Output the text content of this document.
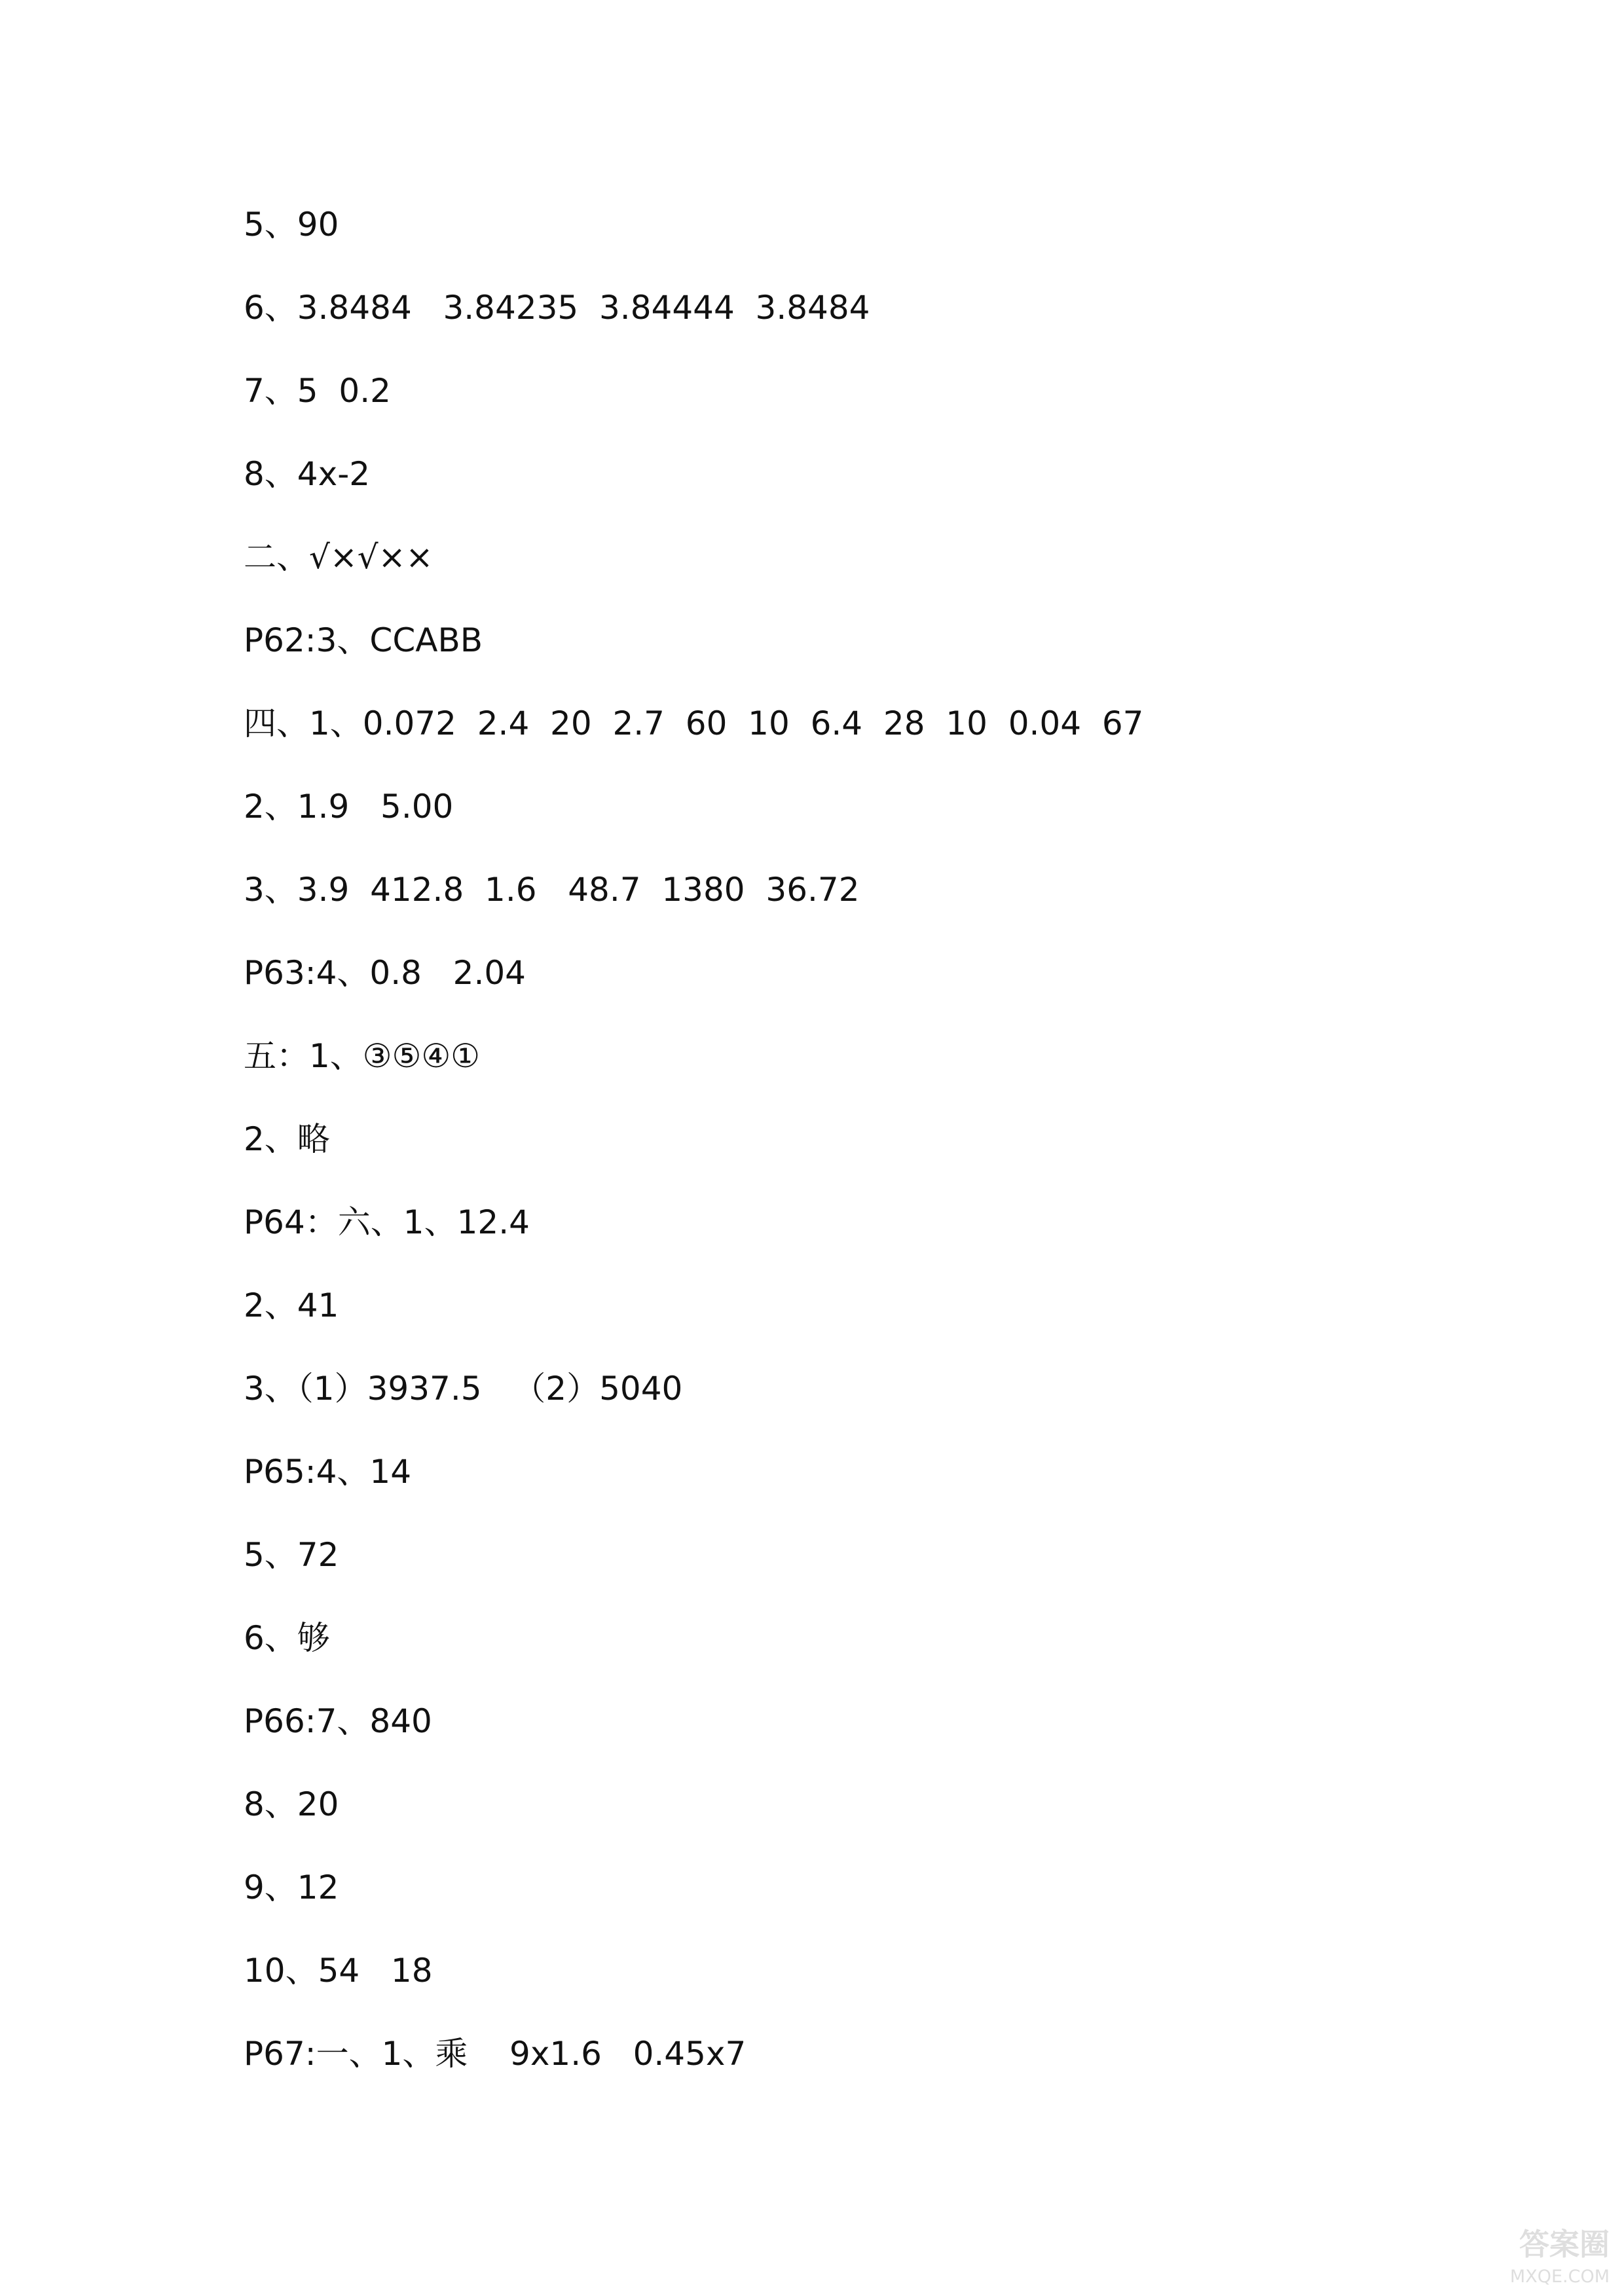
5、90
6、3.8484   3.84235  3.84444  3.8484
7、5  0.2
8、4x-2
二、√×√××
P62:3、CCABB
四、1、0.072  2.4  20  2.7  60  10  6.4  28  10  0.04  67
2、1.9   5.00
3、3.9  412.8  1.6   48.7  1380  36.72
P63:4、0.8   2.04
五：1、③⑤④①
2、略
P64：六、1、12.4
2、41
3、（1）3937.5   （2）5040
P65:4、14
5、72
6、够
P66:7、840
8、20
9、12
10、54   18
P67:一、1、乘    9x1.6   0.45x7
答案圈
MXQE.COM
